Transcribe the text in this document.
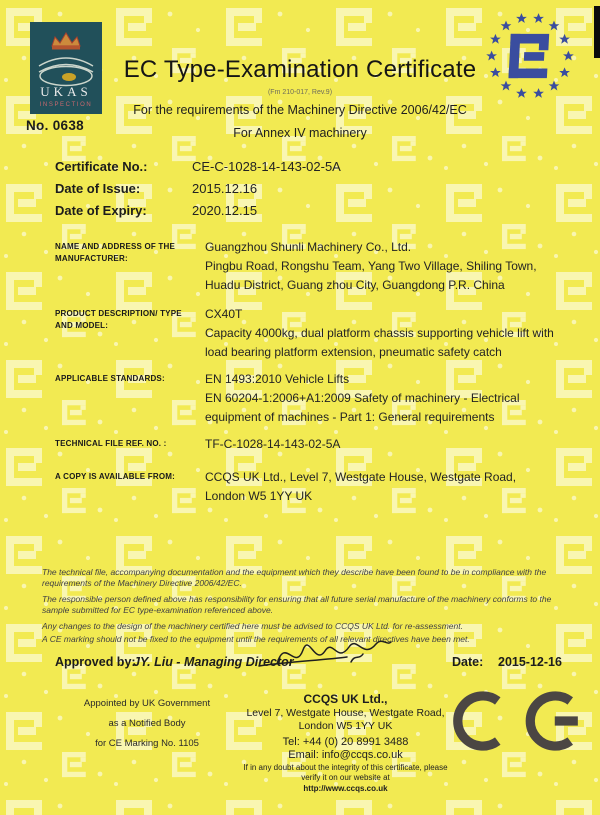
UKAS
INSPECTION
No. 0638
EC Type-Examination Certificate
(Fm 210-017, Rev.9)
For the requirements of the Machinery Directive 2006/42/EC
For Annex IV machinery
Certificate No.:	CE-C-1028-14-143-02-5A
Date of Issue:	2015.12.16
Date of Expiry:	2020.12.15
NAME AND ADDRESS OF THE
MANUFACTURER:
Guangzhou Shunli Machinery Co., Ltd.
Pingbu Road, Rongshu Team, Yang Two Village, Shiling Town,
Huadu District, Guang zhou City, Guangdong P.R. China
PRODUCT DESCRIPTION/ TYPE
AND MODEL:
CX40T
Capacity 4000kg, dual platform chassis supporting vehicle lift with
load bearing platform extension, pneumatic safety catch
APPLICABLE STANDARDS:	EN 1493:2010 Vehicle Lifts
EN 60204-1:2006+A1:2009 Safety of machinery - Electrical
equipment of machines - Part 1: General requirements
TECHNICAL FILE REF. NO. :	TF-C-1028-14-143-02-5A
A COPY IS AVAILABLE FROM:	CCQS UK Ltd., Level 7, Westgate House, Westgate Road,
London W5 1YY UK

The technical file, accompanying documentation and the equipment which they describe have been found to be in compliance with the requirements of the Machinery Directive 2006/42/EC.

The responsible person defined above has responsibility for ensuring that all future serial manufacture of the machinery conforms to the sample submitted for EC type-examination referenced above.

Any changes to the design of the machinery certified here must be advised to CCQS UK Ltd. for re-assessment.

A CE marking should not be fixed to the equipment until the requirements of all relevant directives have been met.

Approved by:
JY. Liu - Managing Director	Date: 2015-12-16
Appointed by UK Government
as a Notified Body
for CE Marking No. 1105
CCQS UK Ltd.,
Level 7, Westgate House, Westgate Road, London W5 1YY UK
Tel: +44 (0) 20 8991 3488
Email: info@ccqs.co.uk
If in any doubt about the integrity of this certificate, please verify it on our website at
http://www.ccqs.co.uk
